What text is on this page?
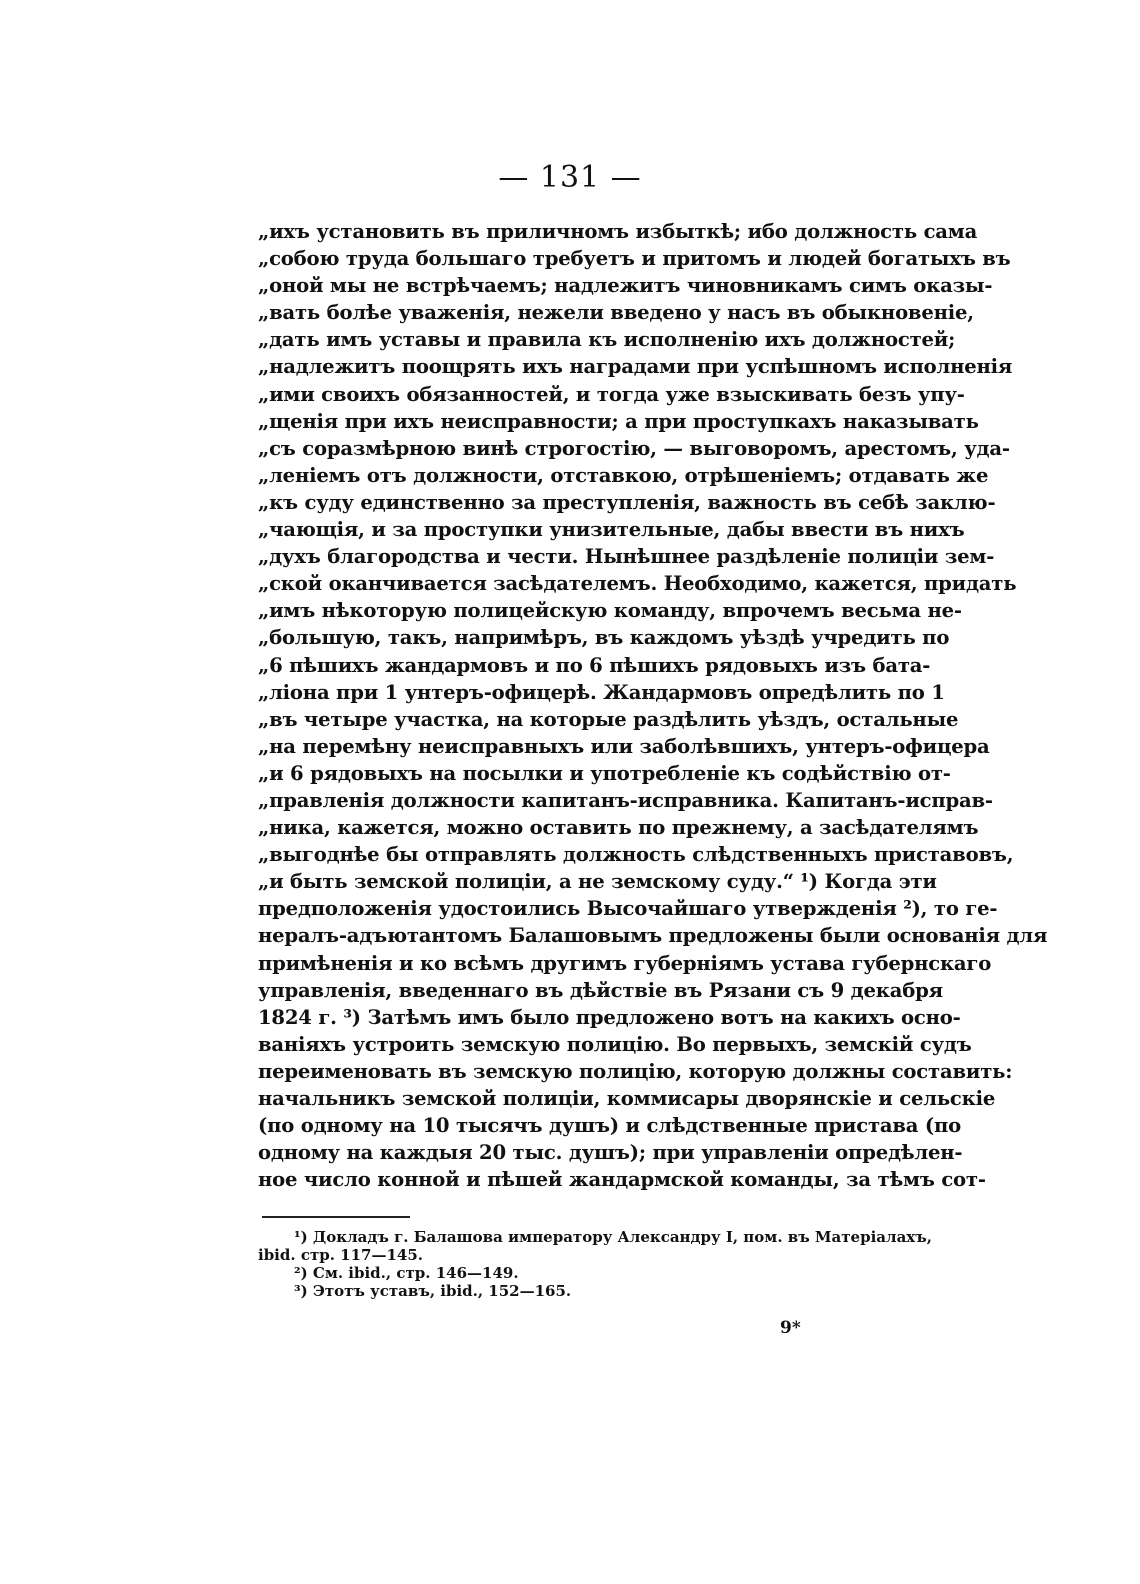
— 131 —
„ихъ установить въ приличномъ избыткѣ; ибо должность сама
„собою труда большаго требуетъ и притомъ и людей богатыхъ въ
„оной мы не встрѣчаемъ; надлежитъ чиновникамъ симъ оказы-
„вать болѣе уваженія, нежели введено у насъ въ обыкновеніе,
„дать имъ уставы и правила къ исполненію ихъ должностей;
„надлежитъ поощрять ихъ наградами при успѣшномъ исполненія
„ими своихъ обязанностей, и тогда уже взыскивать безъ упу-
„щенія при ихъ неисправности; а при проступкахъ наказывать
„съ соразмѣрною винѣ строгостію, — выговоромъ, арестомъ, уда-
„леніемъ отъ должности, отставкою, отрѣшеніемъ; отдавать же
„къ суду единственно за преступленія, важность въ себѣ заклю-
„чающія, и за проступки унизительные, дабы ввести въ нихъ
„духъ благородства и чести. Нынѣшнее раздѣленіе полиціи зем-
„ской оканчивается засѣдателемъ. Необходимо, кажется, придать
„имъ нѣкоторую полицейскую команду, впрочемъ весьма не-
„большую, такъ, напримѣръ, въ каждомъ уѣздѣ учредить по
„6 пѣшихъ жандармовъ и по 6 пѣшихъ рядовыхъ изъ бата-
„ліона при 1 унтеръ-офицерѣ. Жандармовъ опредѣлить по 1
„въ четыре участка, на которые раздѣлить уѣздъ, остальные
„на перемѣну неисправныхъ или заболѣвшихъ, унтеръ-офицера
„и 6 рядовыхъ на посылки и употребленіе къ содѣйствію от-
„правленія должности капитанъ-исправника. Капитанъ-исправ-
„ника, кажется, можно оставить по прежнему, а засѣдателямъ
„выгоднѣе бы отправлять должность слѣдственныхъ приставовъ,
„и быть земской полиціи, а не земскому суду.“ ¹) Когда эти
предположенія удостоились Высочайшаго утвержденія ²), то ге-
нералъ-адъютантомъ Балашовымъ предложены были основанія для
примѣненія и ко всѣмъ другимъ губерніямъ устава губернскаго
управленія, введеннаго въ дѣйствіе въ Рязани съ 9 декабря
1824 г. ³) Затѣмъ имъ было предложено вотъ на какихъ осно-
ваніяхъ устроить земскую полицію. Во первыхъ, земскій судъ
переименовать въ земскую полицію, которую должны составить:
начальникъ земской полиціи, коммисары дворянскіе и сельскіе
(по одному на 10 тысячъ душъ) и слѣдственные пристава (по
одному на каждыя 20 тыс. душъ); при управленіи опредѣлен-
ное число конной и пѣшей жандармской команды, за тѣмъ сот-
¹) Докладъ г. Балашова императору Александру I, пом. въ Матеріалахъ,
ibid. стр. 117—145.
²) См. ibid., стр. 146—149.
³) Этотъ уставъ, ibid., 152—165.
9*
